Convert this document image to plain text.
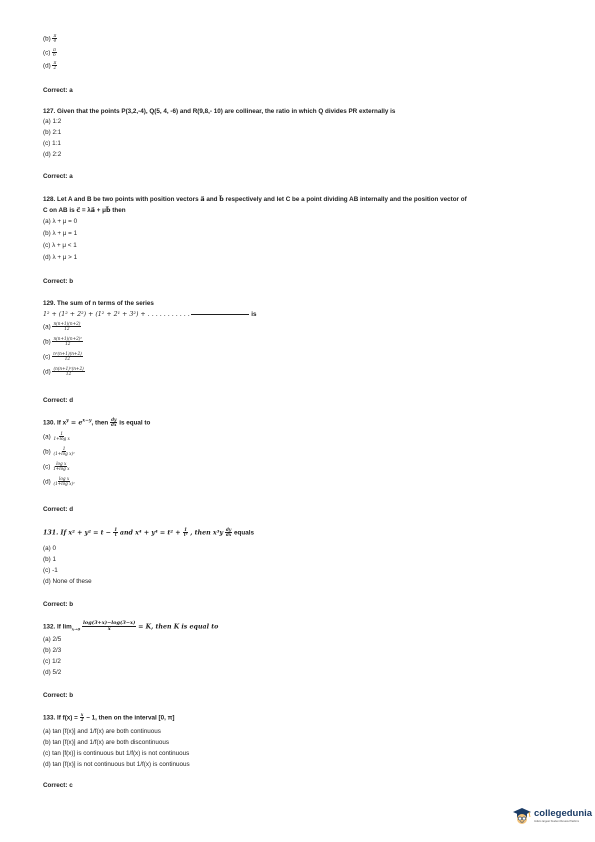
$(b) \frac{\pi}{4}$
$(c) \frac{\pi}{6}$
$(d) \frac{\pi}{2}$
Correct: a
127. Given that the points P(3,2,-4), Q(5, 4, -6) and R(9,8,- 10) are collinear, the ratio in which Q divides PR externally is
(a) 1:2
(b) 2:1
(c) 1:1
(d) 2:2
Correct: a
128. Let A and B be two points with position vectors a⃗ and b⃗ respectively and let C be a point dividing AB internally and the position vector of
C on AB is c⃗ = λa⃗ + μb⃗ then
(a) λ + μ = 0
(b) λ + μ = 1
(c) λ + μ < 1
(d) λ + μ > 1
Correct: b
129. The sum of n terms of the series
1² + (1² + 2²) + (1² + 2¹ + 3²) + . . . . . . . . . . .	is
$(a) \frac{n(n+1)(n+2)}{12}$
$(b) \frac{\text{n(n+1)(n+2)²}}{12}$
$(c) \frac{\text{n²(n+1)(n+2)}}{12}$
$(d) \frac{\text{(n(n+1)²(n+2)}}{12}$
Correct: d
130. If $x^y = e^{x-y}$, then $\frac{dy}{dx}$ is equal to
$(a) \frac{1}{\text{1+log x}}$
$(b) \frac{1}{\text{(1+log x)²}}$
$(c) \frac{\text{log x}}{\text{1+log x}}$
$(d) \frac{\text{log x}}{\text{(1+log x)²}}$
Correct: d
131. If $x^2 + y^2 = t - \frac{1}{t}$ and $x^4 + y^4 = t^2 + \frac{1}{\text{t²}}$ , then $x^3y \frac{dy}{dx}$ equals
(a) 0
(b) 1
(c) -1
(d) None of these
Correct: b
132. If $\lim_{x\to 0} \frac{\log(3+x)-\log(3-x)}{x} = K$, then K is equal to
(a) 2/5
(b) 2/3
(c) 1/2
(d) 5/2
Correct: b
133. If $f(x) = \frac{x}{2} - 1$, then on the interval [0, π]
(a) tan [f(x)] and 1/f(x) are both continuous
(b) tan [f(x)] and 1/f(x) are both discontinuous
(c) tan [f(x)] is continuous but 1/f(x) is not continuous
(d) tan [f(x)] is not continuous but 1/f(x) is continuous
Correct: c
collegedunia
India's largest Student Review Platform
